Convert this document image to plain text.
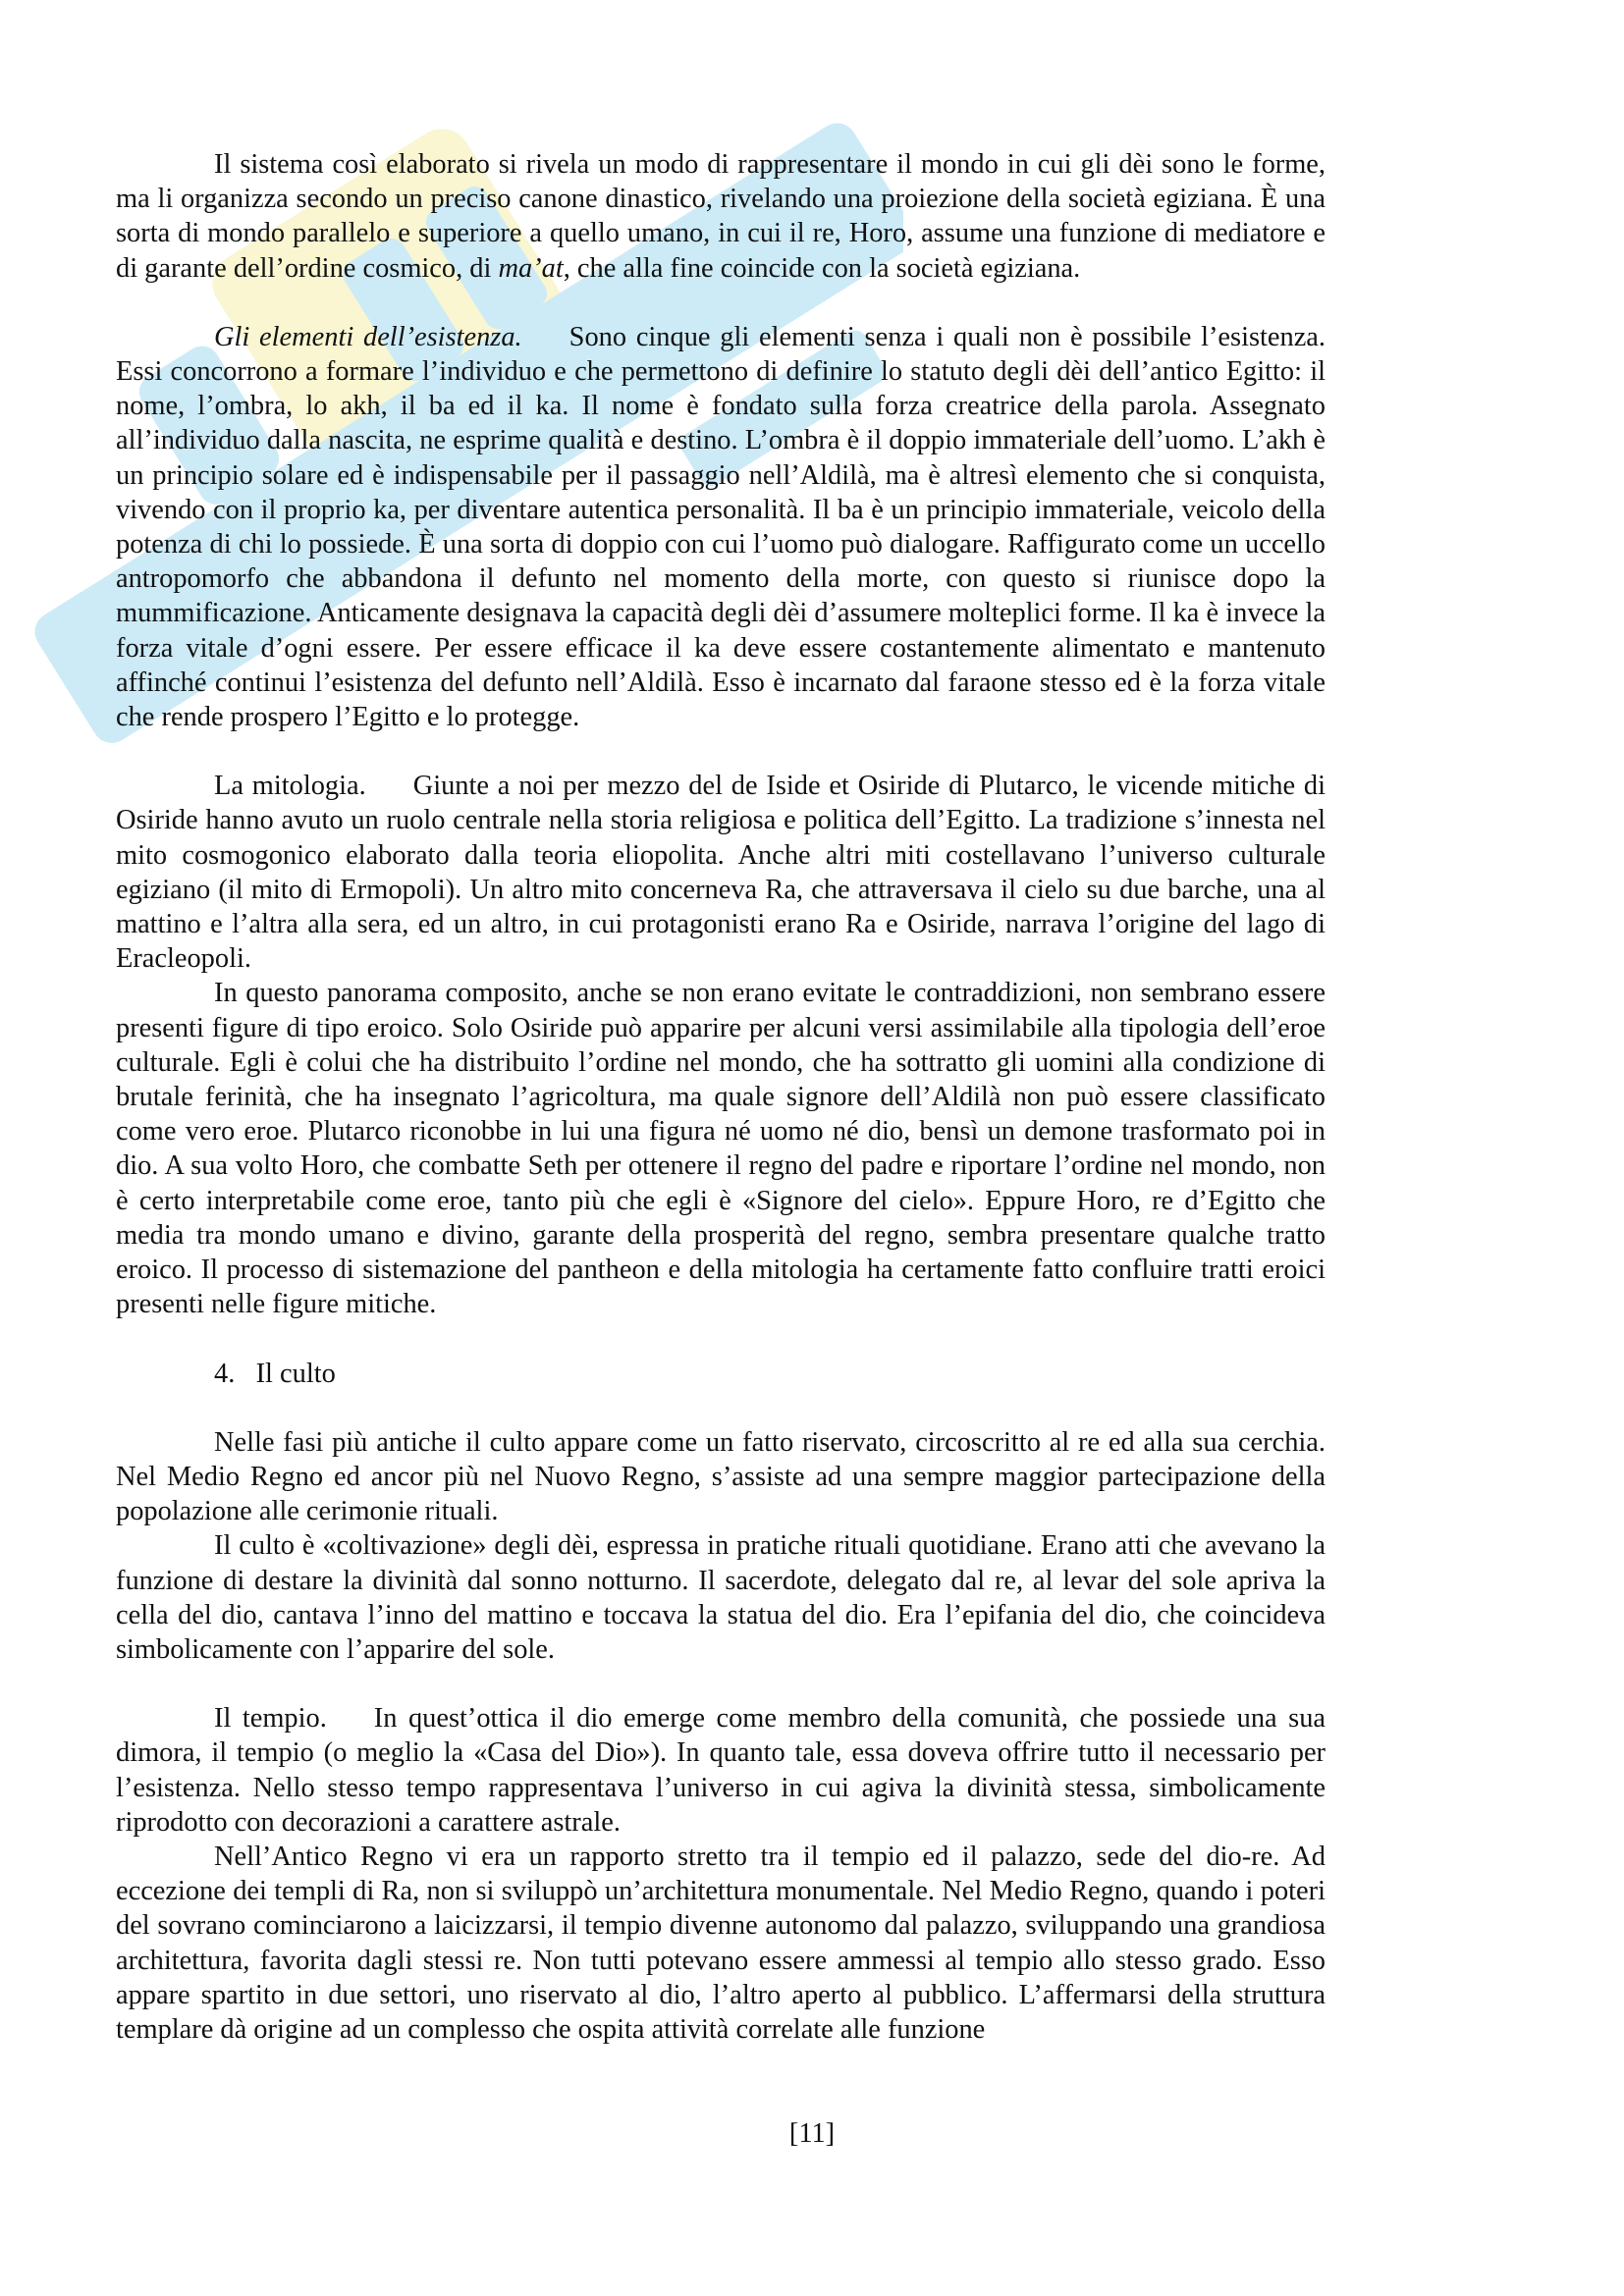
Il sistema così elaborato si rivela un modo di rappresentare il mondo in cui gli dèi sono le forme, ma li organizza secondo un preciso canone dinastico, rivelando una proiezione della società egiziana. È una sorta di mondo parallelo e superiore a quello umano, in cui il re, Horo, assume una funzione di mediatore e di garante dell’ordine cosmico, di ma’at, che alla fine coincide con la società egiziana.

Gli elementi dell’esistenza. Sono cinque gli elementi senza i quali non è possibile l’esistenza. Essi concorrono a formare l’individuo e che permettono di definire lo statuto degli dèi dell’antico Egitto: il nome, l’ombra, lo akh, il ba ed il ka. Il nome è fondato sulla forza creatrice della parola. Assegnato all’individuo dalla nascita, ne esprime qualità e destino. L’ombra è il doppio immateriale dell’uomo. L’akh è un principio solare ed è indispensabile per il passaggio nell’Aldilà, ma è altresì elemento che si conquista, vivendo con il proprio ka, per diventare autentica personalità. Il ba è un principio immateriale, veicolo della potenza di chi lo possiede. È una sorta di doppio con cui l’uomo può dialogare. Raffigurato come un uccello antropomorfo che abbandona il defunto nel momento della morte, con questo si riunisce dopo la mummificazione. Anticamente designava la capacità degli dèi d’assumere molteplici forme. Il ka è invece la forza vitale d’ogni essere. Per essere efficace il ka deve essere costantemente alimentato e mantenuto affinché continui l’esistenza del defunto nell’Aldilà. Esso è incarnato dal faraone stesso ed è la forza vitale che rende prospero l’Egitto e lo protegge.

La mitologia. Giunte a noi per mezzo del de Iside et Osiride di Plutarco, le vicende mitiche di Osiride hanno avuto un ruolo centrale nella storia religiosa e politica dell’Egitto. La tradizione s’innesta nel mito cosmogonico elaborato dalla teoria eliopolita. Anche altri miti costellavano l’universo culturale egiziano (il mito di Ermopoli). Un altro mito concerneva Ra, che attraversava il cielo su due barche, una al mattino e l’altra alla sera, ed un altro, in cui protagonisti erano Ra e Osiride, narrava l’origine del lago di Eracleopoli.

In questo panorama composito, anche se non erano evitate le contraddizioni, non sembrano essere presenti figure di tipo eroico. Solo Osiride può apparire per alcuni versi assimilabile alla tipologia dell’eroe culturale. Egli è colui che ha distribuito l’ordine nel mondo, che ha sottratto gli uomini alla condizione di brutale ferinità, che ha insegnato l’agricoltura, ma quale signore dell’Aldilà non può essere classificato come vero eroe. Plutarco riconobbe in lui una figura né uomo né dio, bensì un demone trasformato poi in dio. A sua volto Horo, che combatte Seth per ottenere il regno del padre e riportare l’ordine nel mondo, non è certo interpretabile come eroe, tanto più che egli è «Signore del cielo». Eppure Horo, re d’Egitto che media tra mondo umano e divino, garante della prosperità del regno, sembra presentare qualche tratto eroico. Il processo di sistemazione del pantheon e della mitologia ha certamente fatto confluire tratti eroici presenti nelle figure mitiche.

4.   Il culto

Nelle fasi più antiche il culto appare come un fatto riservato, circoscritto al re ed alla sua cerchia. Nel Medio Regno ed ancor più nel Nuovo Regno, s’assiste ad una sempre maggior partecipazione della popolazione alle cerimonie rituali.

Il culto è «coltivazione» degli dèi, espressa in pratiche rituali quotidiane. Erano atti che avevano la funzione di destare la divinità dal sonno notturno. Il sacerdote, delegato dal re, al levar del sole apriva la cella del dio, cantava l’inno del mattino e toccava la statua del dio. Era l’epifania del dio, che coincideva simbolicamente con l’apparire del sole.

Il tempio. In quest’ottica il dio emerge come membro della comunità, che possiede una sua dimora, il tempio (o meglio la «Casa del Dio»). In quanto tale, essa doveva offrire tutto il necessario per l’esistenza. Nello stesso tempo rappresentava l’universo in cui agiva la divinità stessa, simbolicamente riprodotto con decorazioni a carattere astrale.

Nell’Antico Regno vi era un rapporto stretto tra il tempio ed il palazzo, sede del dio-re. Ad eccezione dei templi di Ra, non si sviluppò un’architettura monumentale. Nel Medio Regno, quando i poteri del sovrano cominciarono a laicizzarsi, il tempio divenne autonomo dal palazzo, sviluppando una grandiosa architettura, favorita dagli stessi re. Non tutti potevano essere ammessi al tempio allo stesso grado. Esso appare spartito in due settori, uno riservato al dio, l’altro aperto al pubblico. L’affermarsi della struttura templare dà origine ad un complesso che ospita attività correlate alle funzione

[11]
